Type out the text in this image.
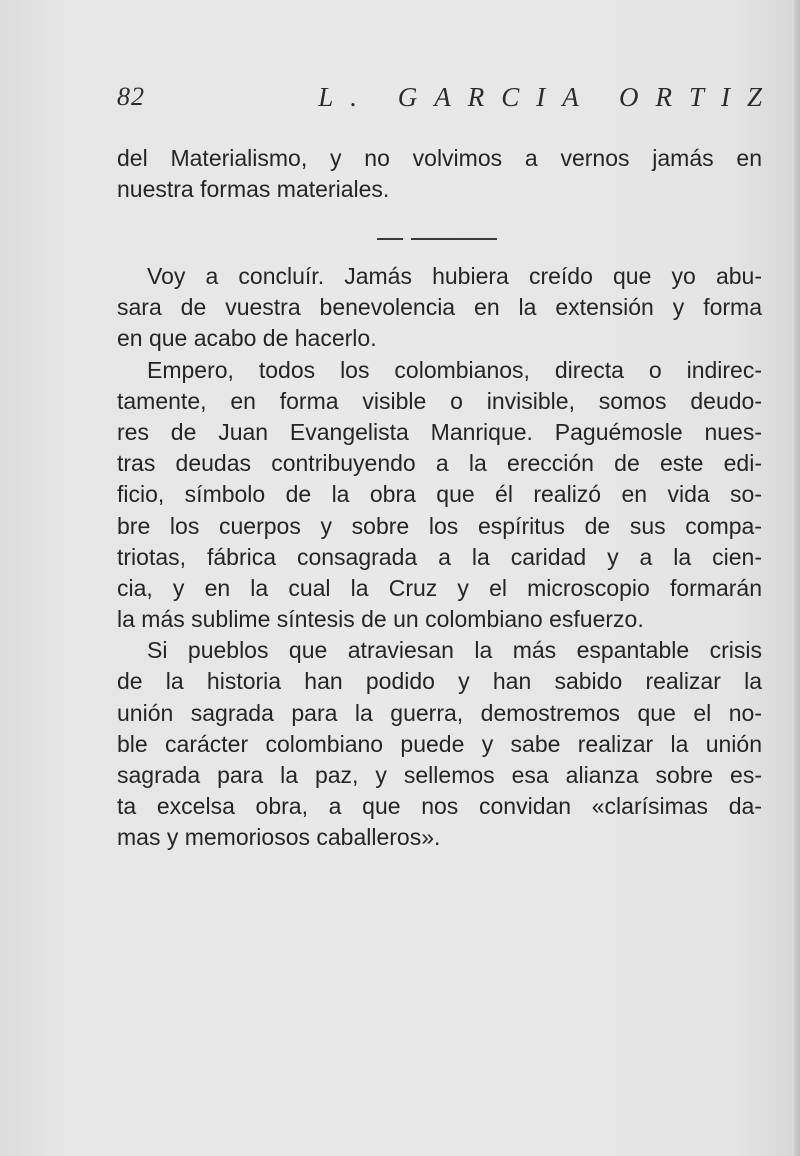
82	L. GARCIA ORTIZ
del Materialismo, y no volvimos a vernos jamás en
nuestra formas materiales.
Voy a concluír. Jamás hubiera creído que yo abu-
sara de vuestra benevolencia en la extensión y forma
en que acabo de hacerlo.
Empero, todos los colombianos, directa o indirec-
tamente, en forma visible o invisible, somos deudo-
res de Juan Evangelista Manrique. Paguémosle nues-
tras deudas contribuyendo a la erección de este edi-
ficio, símbolo de la obra que él realizó en vida so-
bre los cuerpos y sobre los espíritus de sus compa-
triotas, fábrica consagrada a la caridad y a la cien-
cia, y en la cual la Cruz y el microscopio formarán
la más sublime síntesis de un colombiano esfuerzo.
Si pueblos que atraviesan la más espantable crisis
de la historia han podido y han sabido realizar la
unión sagrada para la guerra, demostremos que el no-
ble carácter colombiano puede y sabe realizar la unión
sagrada para la paz, y sellemos esa alianza sobre es-
ta excelsa obra, a que nos convidan «clarísimas da-
mas y memoriosos caballeros».
